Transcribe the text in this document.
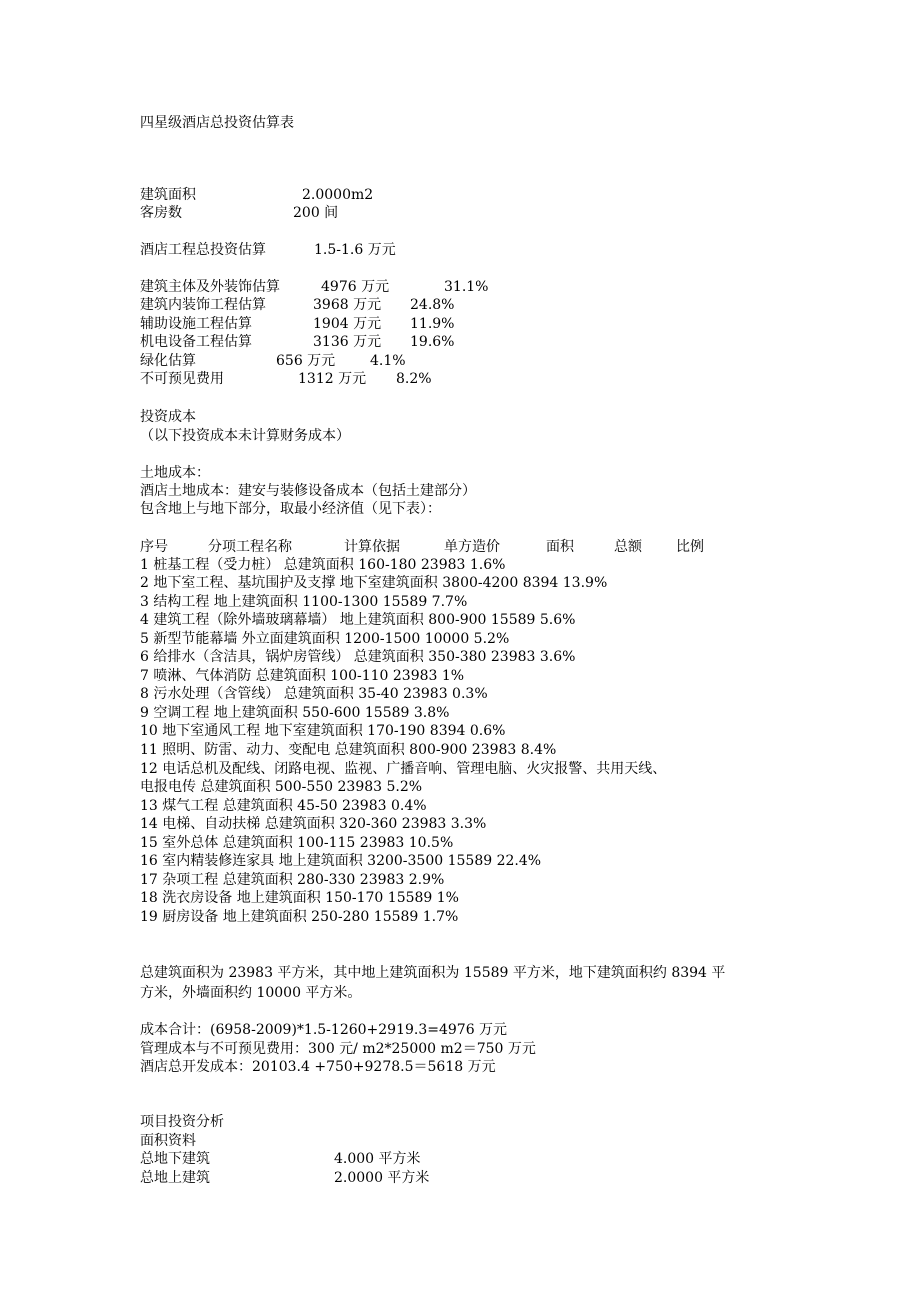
四星级酒店总投资估算表
建筑面积	2.0000m2
客房数	200 间
酒店工程总投资估算	1.5-1.6 万元
建筑主体及外装饰估算	4976 万元	31.1%
建筑内装饰工程估算	3968 万元 24.8%
辅助设施工程估算	1904 万元 11.9%
机电设备工程估算	3136 万元 19.6%
绿化估算	656 万元 4.1%
不可预见费用	1312 万元 8.2%
投资成本
（以下投资成本未计算财务成本）
土地成本：
酒店土地成本：建安与装修设备成本（包括土建部分）
包含地上与地下部分，取最小经济值（见下表）：
序号	分项工程名称	计算依据	单方造价	面积	总额 比例
1 桩基工程（受力桩） 总建筑面积 160-180 23983 1.6%
2 地下室工程、基坑围护及支撑 地下室建筑面积 3800-4200 8394 13.9%
3 结构工程 地上建筑面积 1100-1300 15589 7.7%
4 建筑工程（除外墙玻璃幕墙） 地上建筑面积 800-900 15589 5.6%
5 新型节能幕墙 外立面建筑面积 1200-1500 10000 5.2%
6 给排水（含洁具，锅炉房管线） 总建筑面积 350-380 23983 3.6%
7 喷淋、气体消防 总建筑面积 100-110 23983 1%
8 污水处理（含管线） 总建筑面积 35-40 23983 0.3%
9 空调工程 地上建筑面积 550-600 15589 3.8%
10 地下室通风工程 地下室建筑面积 170-190 8394 0.6%
11 照明、防雷、动力、变配电 总建筑面积 800-900 23983 8.4%
12 电话总机及配线、闭路电视、监视、广播音响、管理电脑、火灾报警、共用天线、
电报电传 总建筑面积 500-550 23983 5.2%
13 煤气工程 总建筑面积 45-50 23983 0.4%
14 电梯、自动扶梯 总建筑面积 320-360 23983 3.3%
15 室外总体 总建筑面积 100-115 23983 10.5%
16 室内精装修连家具 地上建筑面积 3200-3500 15589 22.4%
17 杂项工程 总建筑面积 280-330 23983 2.9%
18 洗衣房设备 地上建筑面积 150-170 15589 1%
19 厨房设备 地上建筑面积 250-280 15589 1.7%
总建筑面积为 23983 平方米，其中地上建筑面积为 15589 平方米，地下建筑面积约 8394 平
方米，外墙面积约 10000 平方米。
成本合计：(6958-2009)*1.5-1260+2919.3=4976 万元
管理成本与不可预见费用：300 元/ m2*25000 m2＝750 万元
酒店总开发成本：20103.4 +750+9278.5＝5618 万元
项目投资分析
面积资料
总地下建筑	4.000 平方米
总地上建筑	2.0000 平方米
